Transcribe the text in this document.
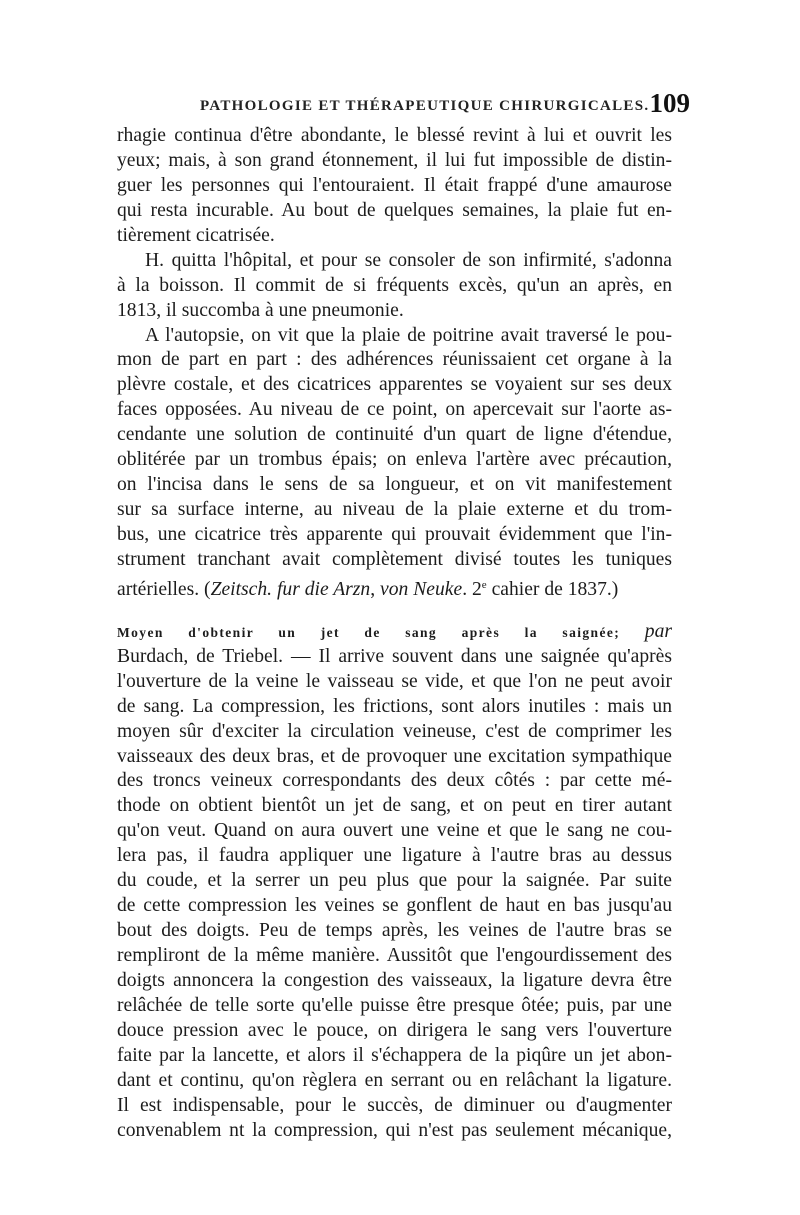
PATHOLOGIE ET THÉRAPEUTIQUE CHIRURGICALES. 109
rhagie continua d'être abondante, le blessé revint à lui et ouvrit les
yeux; mais, à son grand étonnement, il lui fut impossible de distin-
guer les personnes qui l'entouraient. Il était frappé d'une amaurose
qui resta incurable. Au bout de quelques semaines, la plaie fut en-
tièrement cicatrisée.
H. quitta l'hôpital, et pour se consoler de son infirmité, s'adonna
à la boisson. Il commit de si fréquents excès, qu'un an après, en
1813, il succomba à une pneumonie.
A l'autopsie, on vit que la plaie de poitrine avait traversé le pou-
mon de part en part : des adhérences réunissaient cet organe à la
plèvre costale, et des cicatrices apparentes se voyaient sur ses deux
faces opposées. Au niveau de ce point, on apercevait sur l'aorte as-
cendante une solution de continuité d'un quart de ligne d'étendue,
oblitérée par un trombus épais; on enleva l'artère avec précaution,
on l'incisa dans le sens de sa longueur, et on vit manifestement
sur sa surface interne, au niveau de la plaie externe et du trom-
bus, une cicatrice très apparente qui prouvait évidemment que l'in-
strument tranchant avait complètement divisé toutes les tuniques
artérielles. (Zeitsch. fur die Arzn, von Neuke. 2e cahier de 1837.)
Moyen d'obtenir un jet de sang après la saignée; par
Burdach, de Triebel. — Il arrive souvent dans une saignée qu'après
l'ouverture de la veine le vaisseau se vide, et que l'on ne peut avoir
de sang. La compression, les frictions, sont alors inutiles : mais un
moyen sûr d'exciter la circulation veineuse, c'est de comprimer les
vaisseaux des deux bras, et de provoquer une excitation sympathique
des troncs veineux correspondants des deux côtés : par cette mé-
thode on obtient bientôt un jet de sang, et on peut en tirer autant
qu'on veut. Quand on aura ouvert une veine et que le sang ne cou-
lera pas, il faudra appliquer une ligature à l'autre bras au dessus
du coude, et la serrer un peu plus que pour la saignée. Par suite
de cette compression les veines se gonflent de haut en bas jusqu'au
bout des doigts. Peu de temps après, les veines de l'autre bras se
rempliront de la même manière. Aussitôt que l'engourdissement des
doigts annoncera la congestion des vaisseaux, la ligature devra être
relâchée de telle sorte qu'elle puisse être presque ôtée; puis, par une
douce pression avec le pouce, on dirigera le sang vers l'ouverture
faite par la lancette, et alors il s'échappera de la piqûre un jet abon-
dant et continu, qu'on règlera en serrant ou en relâchant la ligature.
Il est indispensable, pour le succès, de diminuer ou d'augmenter
convenablem nt la compression, qui n'est pas seulement mécanique,
